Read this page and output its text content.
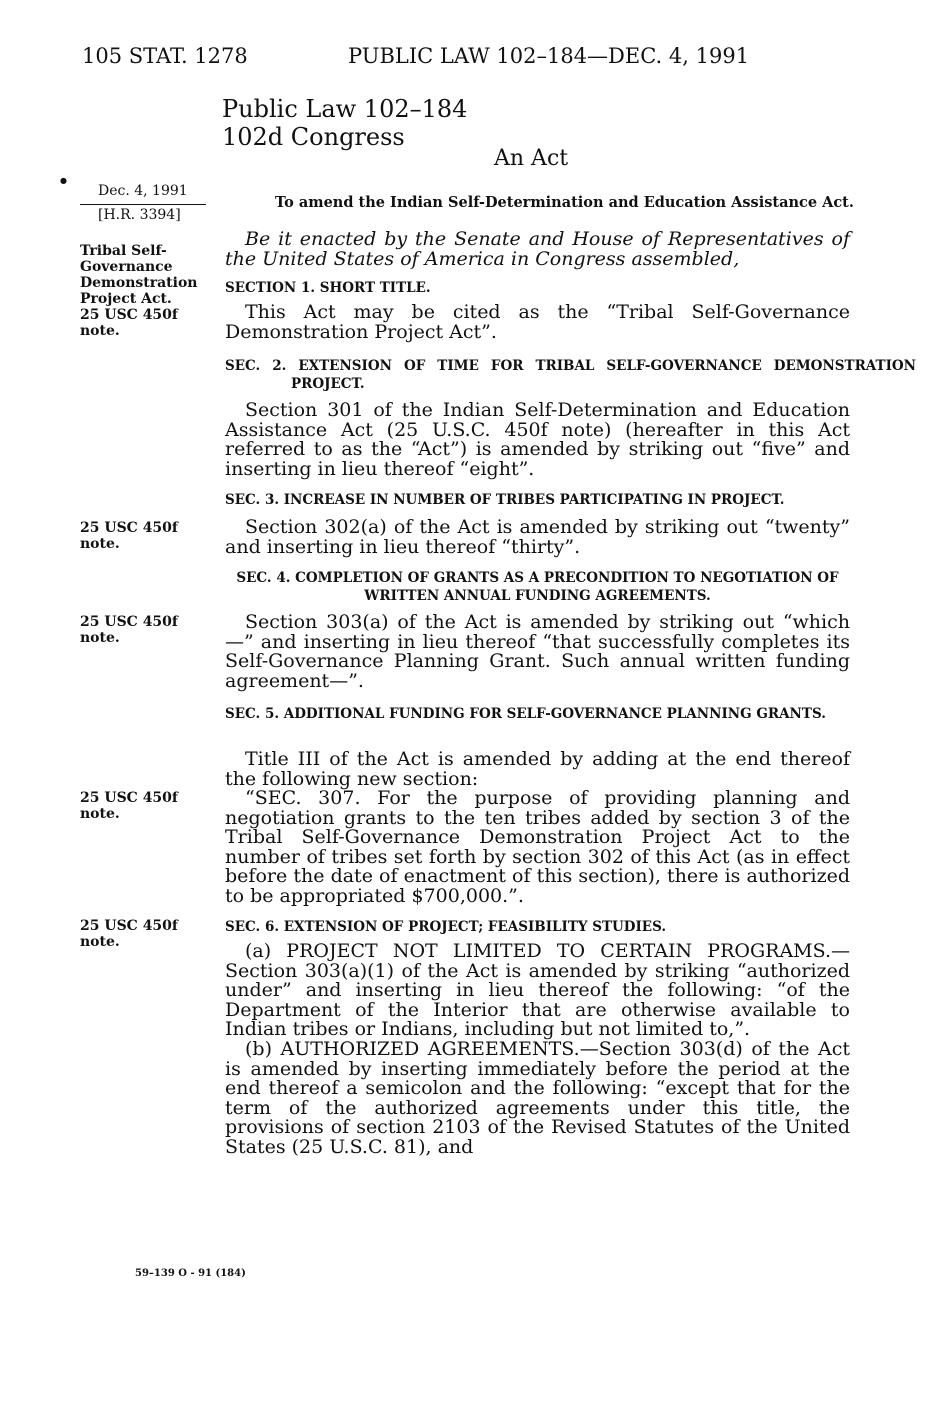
105 STAT. 1278	PUBLIC LAW 102–184—DEC. 4, 1991
Public Law 102–184
102d Congress
An Act
●
Dec. 4, 1991
[H.R. 3394]
Tribal Self-Governance Demonstration Project Act. 25 USC 450f note.
25 USC 450f note.
25 USC 450f note.
25 USC 450f note.
25 USC 450f note.
To amend the Indian Self-Determination and Education Assistance Act.
Be it enacted by the Senate and House of Representatives of the United States of America in Congress assembled,
SECTION 1. SHORT TITLE.
This Act may be cited as the “Tribal Self-Governance Demonstration Project Act”.
SEC. 2. EXTENSION OF TIME FOR TRIBAL SELF-GOVERNANCE DEMONSTRATION PROJECT.
Section 301 of the Indian Self-Determination and Education Assistance Act (25 U.S.C. 450f note) (hereafter in this Act referred to as the “Act”) is amended by striking out “five” and inserting in lieu thereof “eight”.
SEC. 3. INCREASE IN NUMBER OF TRIBES PARTICIPATING IN PROJECT.
Section 302(a) of the Act is amended by striking out “twenty” and inserting in lieu thereof “thirty”.
SEC. 4. COMPLETION OF GRANTS AS A PRECONDITION TO NEGOTIATION OF WRITTEN ANNUAL FUNDING AGREEMENTS.
Section 303(a) of the Act is amended by striking out “which—” and inserting in lieu thereof “that successfully completes its Self-Governance Planning Grant. Such annual written funding agreement—”.
SEC. 5. ADDITIONAL FUNDING FOR SELF-GOVERNANCE PLANNING GRANTS.
Title III of the Act is amended by adding at the end thereof the following new section:
“SEC. 307. For the purpose of providing planning and negotiation grants to the ten tribes added by section 3 of the Tribal Self-Governance Demonstration Project Act to the number of tribes set forth by section 302 of this Act (as in effect before the date of enactment of this section), there is authorized to be appropriated $700,000.”.
SEC. 6. EXTENSION OF PROJECT; FEASIBILITY STUDIES.
(a) PROJECT NOT LIMITED TO CERTAIN PROGRAMS.—Section 303(a)(1) of the Act is amended by striking “authorized under” and inserting in lieu thereof the following: “of the Department of the Interior that are otherwise available to Indian tribes or Indians, including but not limited to,”.
(b) AUTHORIZED AGREEMENTS.—Section 303(d) of the Act is amended by inserting immediately before the period at the end thereof a semicolon and the following: “except that for the term of the authorized agreements under this title, the provisions of section 2103 of the Revised Statutes of the United States (25 U.S.C. 81), and
59–139 O - 91 (184)
